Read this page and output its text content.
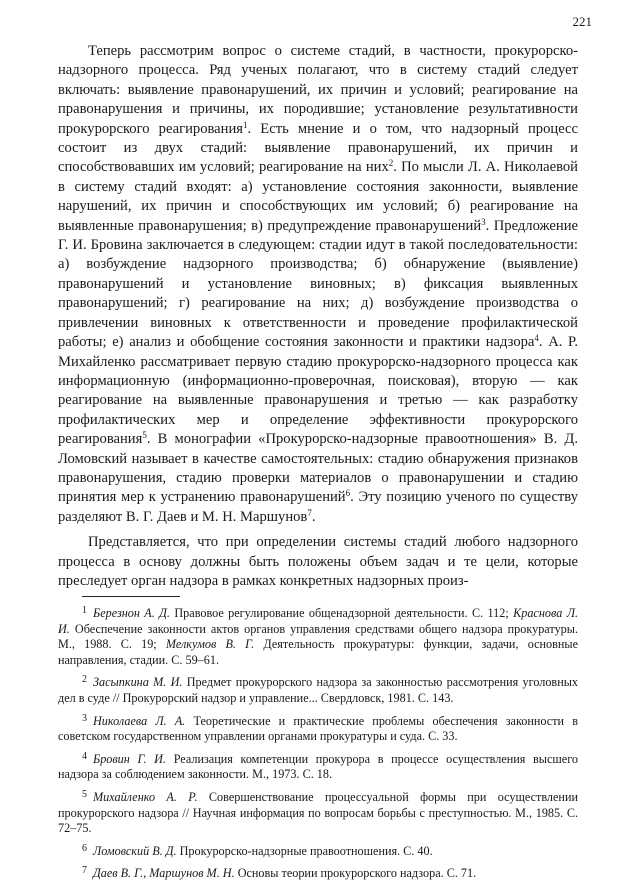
221

Теперь рассмотрим вопрос о системе стадий, в частности, прокурорско-надзорного процесса. Ряд ученых полагают, что в систему стадий следует включать: выявление правонарушений, их причин и условий; реагирование на правонарушения и причины, их породившие; установление результативности прокурорского реагирования$^1$. Есть мнение и о том, что надзорный процесс состоит из двух стадий: выявление правонарушений, их причин и способствовавших им условий; реагирование на них$^2$. По мысли Л. А. Николаевой в систему стадий входят: а) установление состояния законности, выявление нарушений, их причин и способствующих им условий; б) реагирование на выявленные правонарушения; в) предупреждение правонарушений$^3$. Предложение Г. И. Бровина заключается в следующем: стадии идут в такой последовательности: а) возбуждение надзорного производства; б) обнаружение (выявление) правонарушений и установление виновных; в) фиксация выявленных правонарушений; г) реагирование на них; д) возбуждение производства о привлечении виновных к ответственности и проведение профилактической работы; е) анализ и обобщение состояния законности и практики надзора$^4$. А. Р. Михайленко рассматривает первую стадию прокурорско-надзорного процесса как информационную (информационно-проверочная, поисковая), вторую — как реагирование на выявленные правонарушения и третью — как разработку профилактических мер и определение эффективности прокурорского реагирования$^5$. В монографии «Прокурорско-надзорные правоотношения» В. Д. Ломовский называет в качестве самостоятельных: стадию обнаружения признаков правонарушения, стадию проверки материалов о правонарушении и стадию принятия мер к устранению правонарушений$^6$. Эту позицию ученого по существу разделяют В. Г. Даев и М. Н. Маршунов$^7$.

Представляется, что при определении системы стадий любого надзорного процесса в основу должны быть положены объем задач и те цели, которые преследует орган надзора в рамках конкретных надзорных произ-

$^1$ Березнон А. Д. Правовое регулирование общенадзорной деятельности. С. 112; Краснова Л. И. Обеспечение законности актов органов управления средствами общего надзора прокуратуры. М., 1988. С. 19; Мелкумов В. Г. Деятельность прокуратуры: функции, задачи, основные направления, стадии. С. 59–61.

$^2$ Засыпкина М. И. Предмет прокурорского надзора за законностью рассмотрения уголовных дел в суде // Прокурорский надзор и управление... Свердловск, 1981. С. 143.

$^3$ Николаева Л. А. Теоретические и практические проблемы обеспечения законности в советском государственном управлении органами прокуратуры и суда. С. 33.

$^4$ Бровин Г. И. Реализация компетенции прокурора в процессе осуществления высшего надзора за соблюдением законности. М., 1973. С. 18.

$^5$ Михайленко А. Р. Совершенствование процессуальной формы при осуществлении прокурорского надзора // Научная информация по вопросам борьбы с преступностью. М., 1985. С. 72–75.

$^6$ Ломовский В. Д. Прокурорско-надзорные правоотношения. С. 40.

$^7$ Даев В. Г., Маршунов М. Н. Основы теории прокурорского надзора. С. 71.
